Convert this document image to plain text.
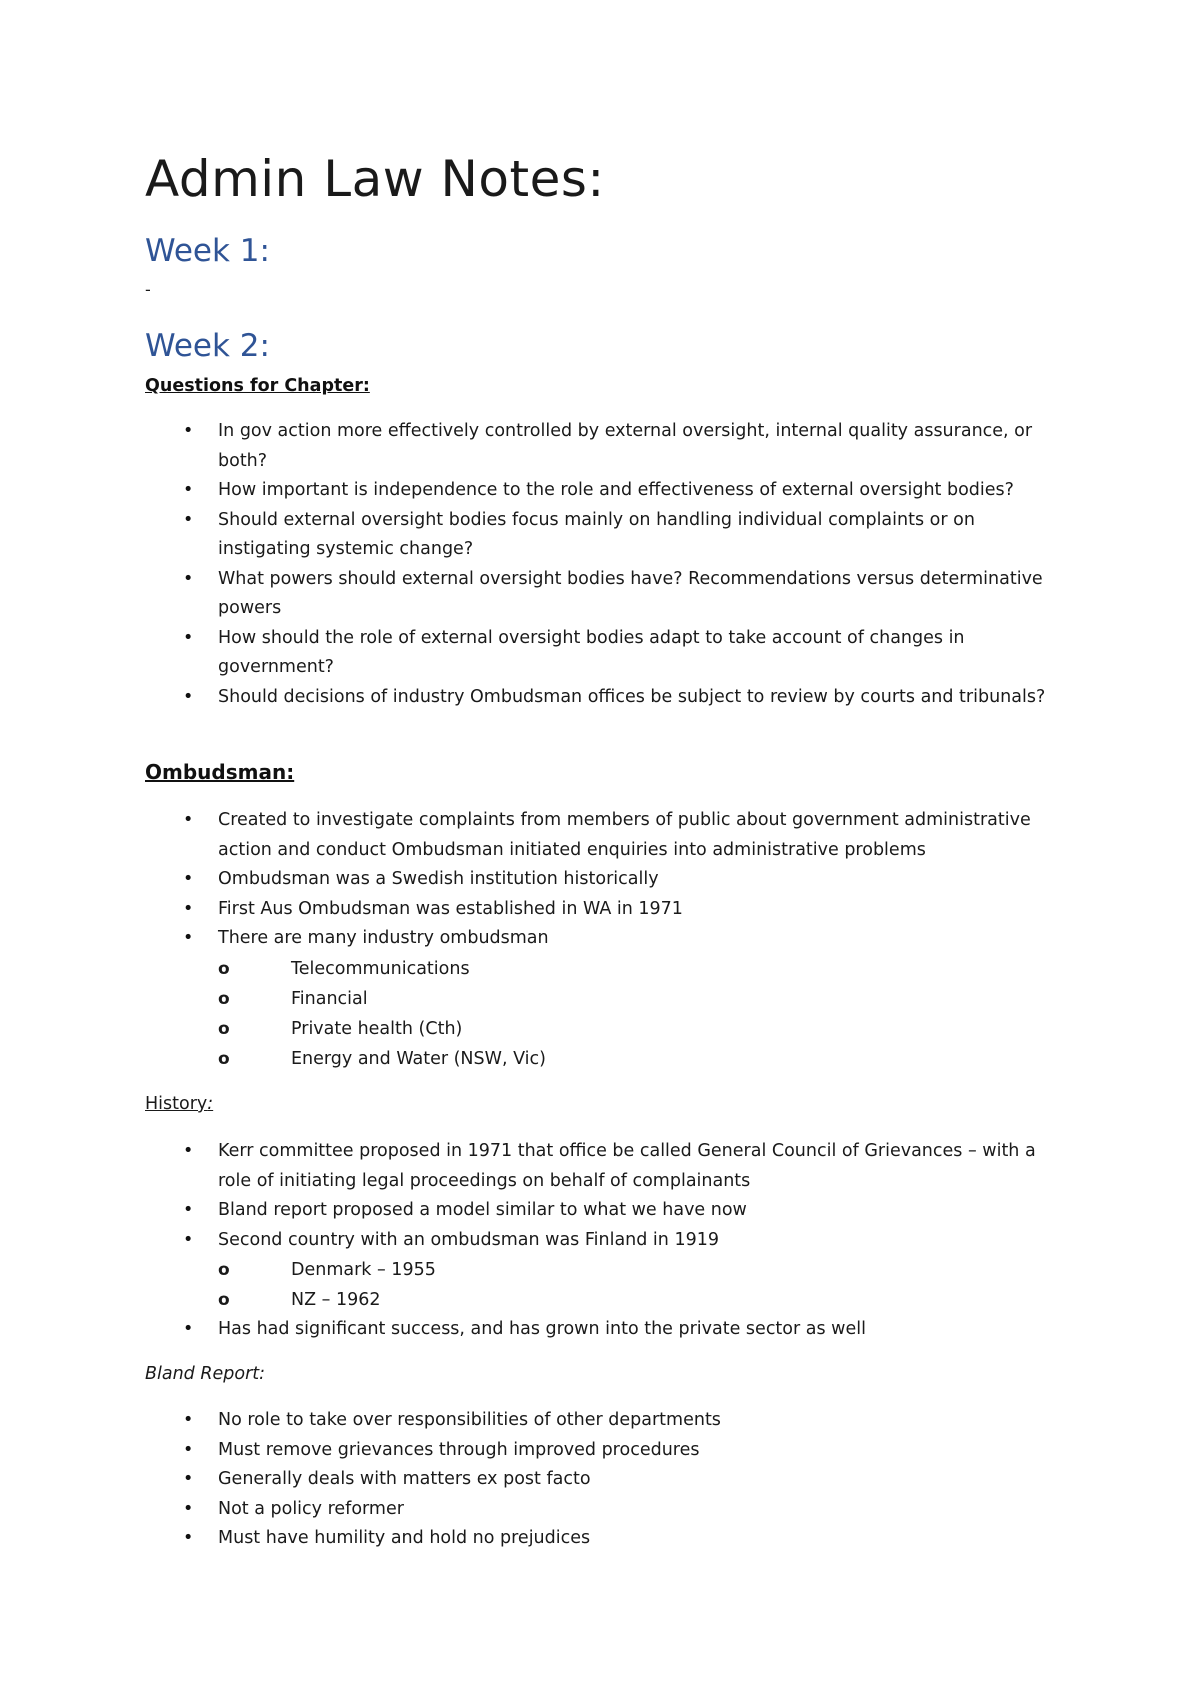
Admin Law Notes:
Week 1:
-
Week 2:
Questions for Chapter:
• In gov action more effectively controlled by external oversight, internal quality assurance, or both?
• How important is independence to the role and effectiveness of external oversight bodies?
• Should external oversight bodies focus mainly on handling individual complaints or on instigating systemic change?
• What powers should external oversight bodies have? Recommendations versus determinative powers
• How should the role of external oversight bodies adapt to take account of changes in government?
• Should decisions of industry Ombudsman offices be subject to review by courts and tribunals?
Ombudsman:
• Created to investigate complaints from members of public about government administrative action and conduct Ombudsman initiated enquiries into administrative problems
• Ombudsman was a Swedish institution historically
• First Aus Ombudsman was established in WA in 1971
• There are many industry ombudsman
o Telecommunications
o Financial
o Private health (Cth)
o Energy and Water (NSW, Vic)
History:
• Kerr committee proposed in 1971 that office be called General Council of Grievances – with a role of initiating legal proceedings on behalf of complainants
• Bland report proposed a model similar to what we have now
• Second country with an ombudsman was Finland in 1919
o Denmark – 1955
o NZ – 1962
• Has had significant success, and has grown into the private sector as well
Bland Report:
• No role to take over responsibilities of other departments
• Must remove grievances through improved procedures
• Generally deals with matters ex post facto
• Not a policy reformer
• Must have humility and hold no prejudices
